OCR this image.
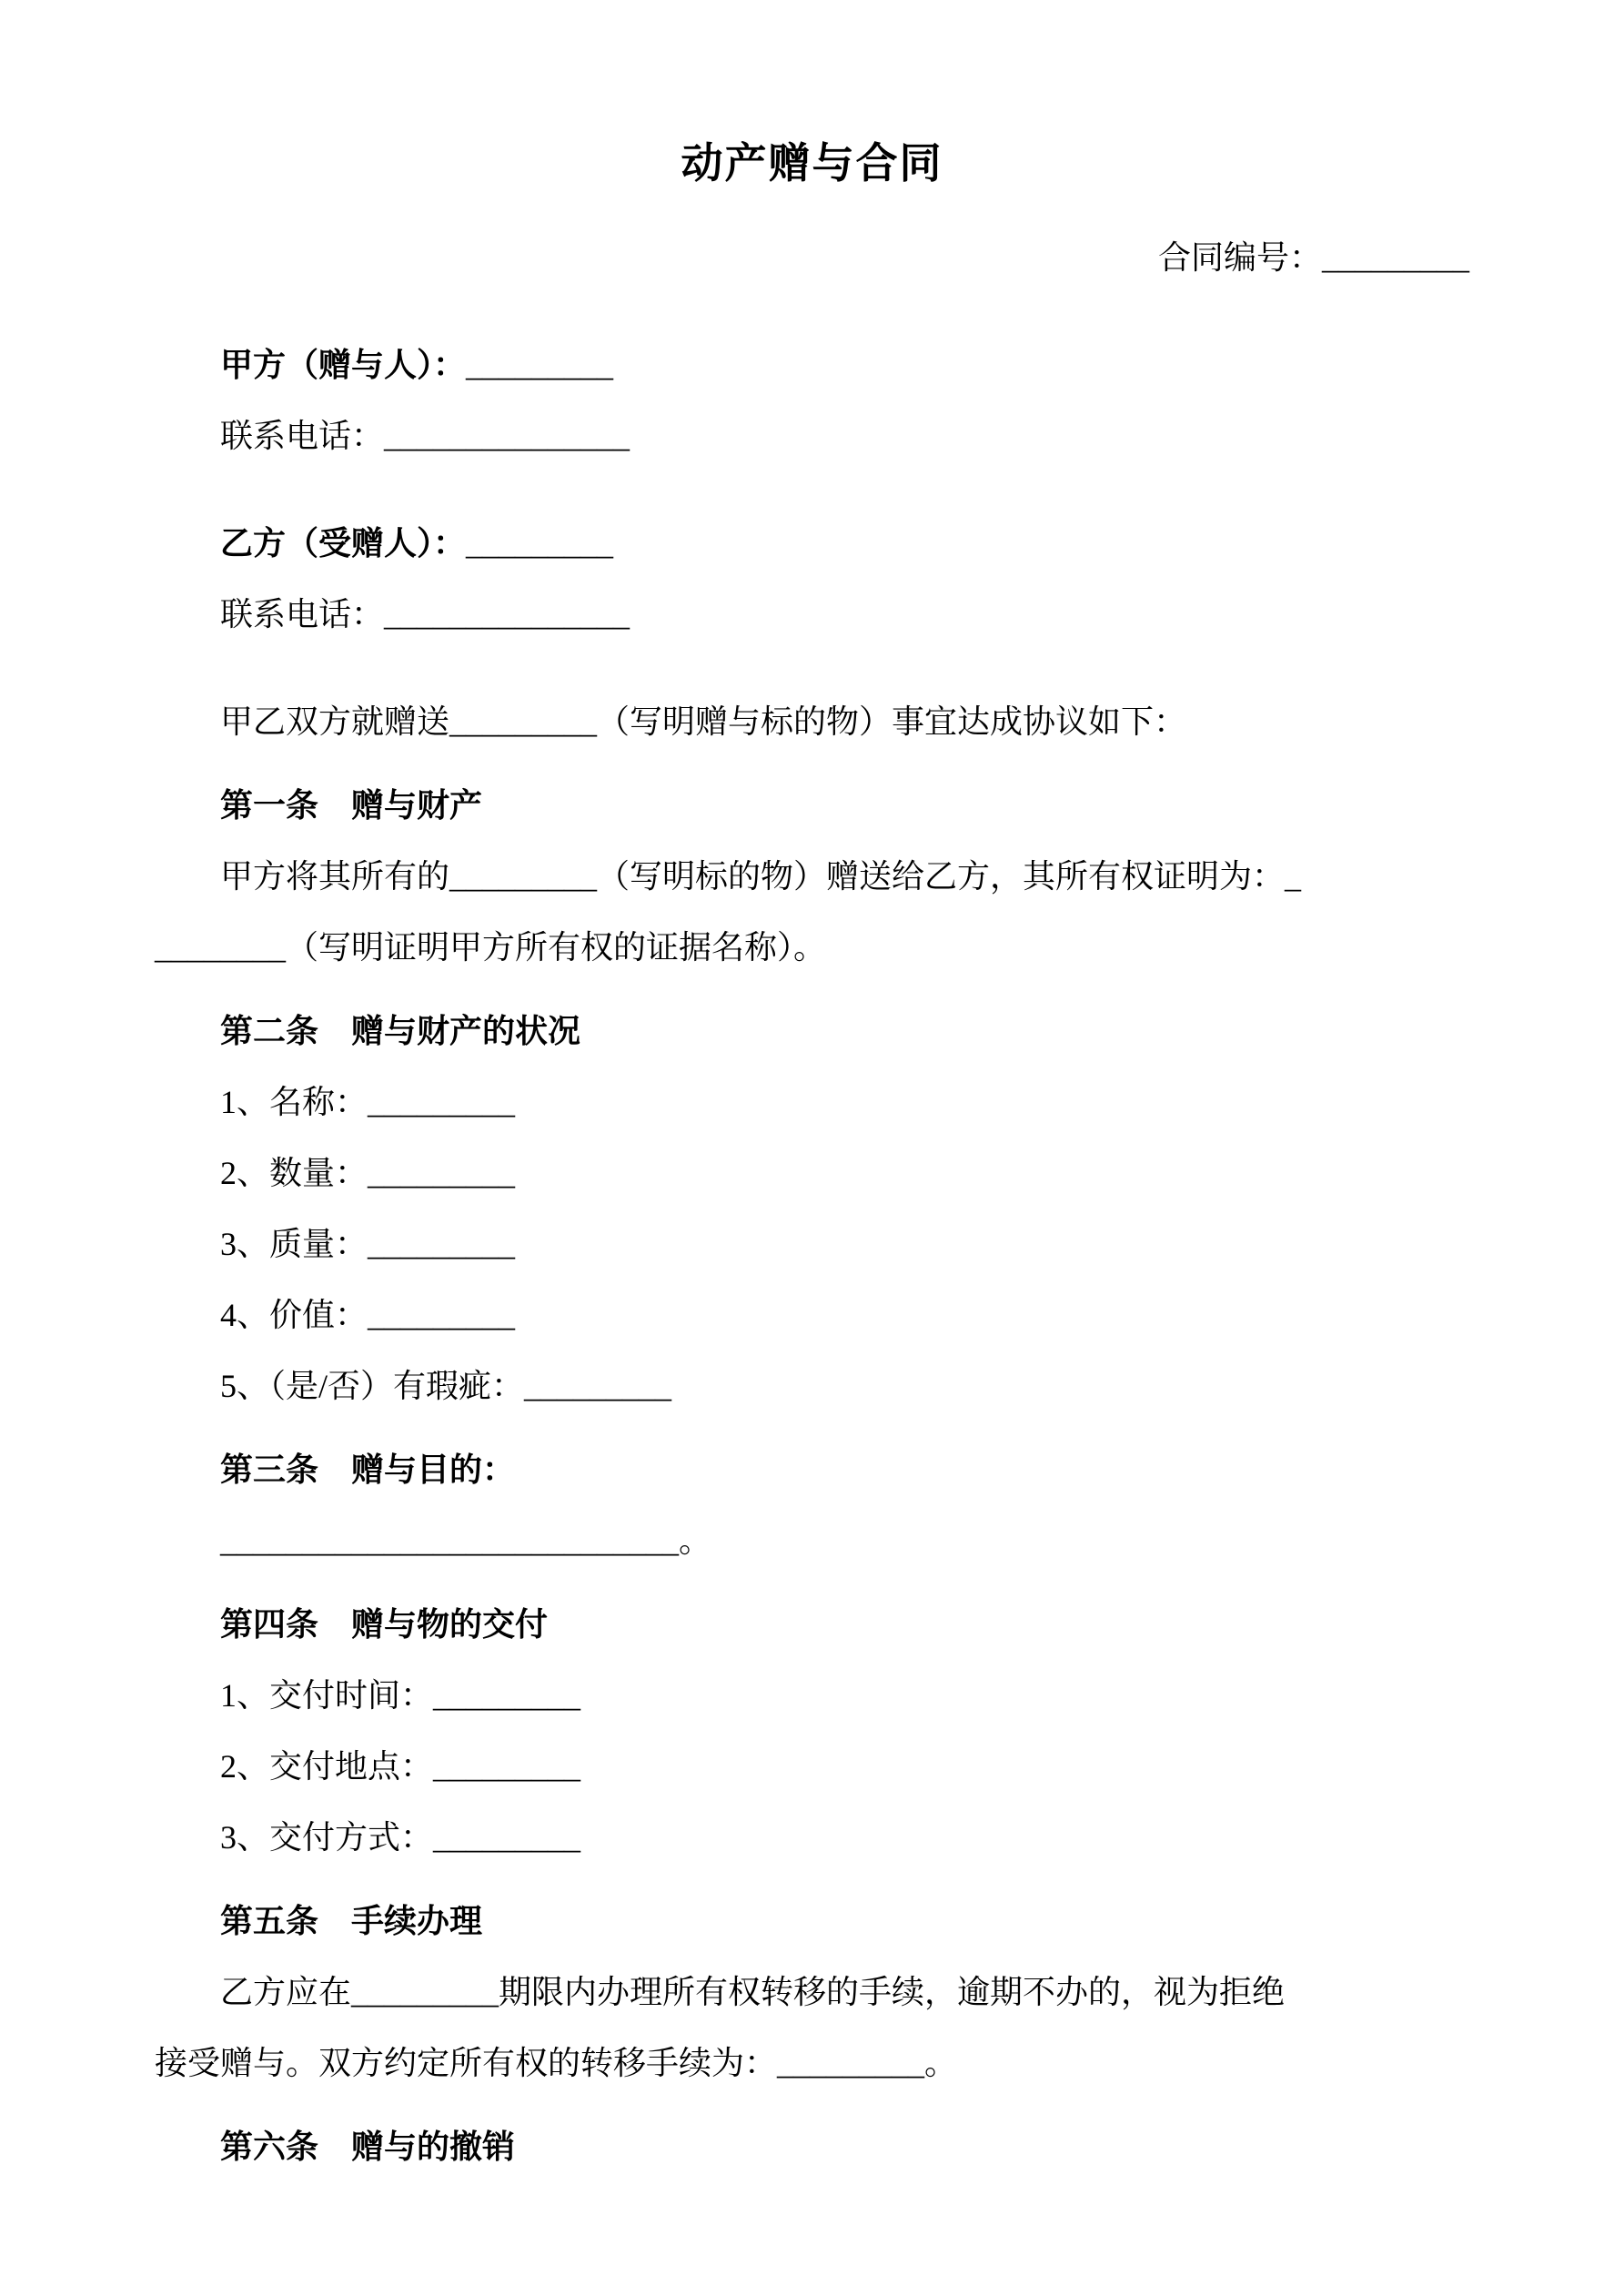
动产赠与合同

合同编号：_________

甲方（赠与人）：_________

联系电话：_______________

乙方（受赠人）：_________

联系电话：_______________

甲乙双方就赠送_________（写明赠与标的物）事宜达成协议如下：

第一条　赠与财产

甲方将其所有的_________（写明标的物）赠送给乙方，其所有权证明为：_

________（写明证明甲方所有权的证据名称）。

第二条　赠与财产的状况

1、名称：_________

2、数量：_________

3、质量：_________

4、价值：_________

5、（是/否）有瑕疵：_________

第三条　赠与目的：

____________________________。

第四条　赠与物的交付

1、交付时间：_________

2、交付地点：_________

3、交付方式：_________

第五条　手续办理

乙方应在_________期限内办理所有权转移的手续，逾期不办的，视为拒绝

接受赠与。双方约定所有权的转移手续为：_________。

第六条　赠与的撤销
